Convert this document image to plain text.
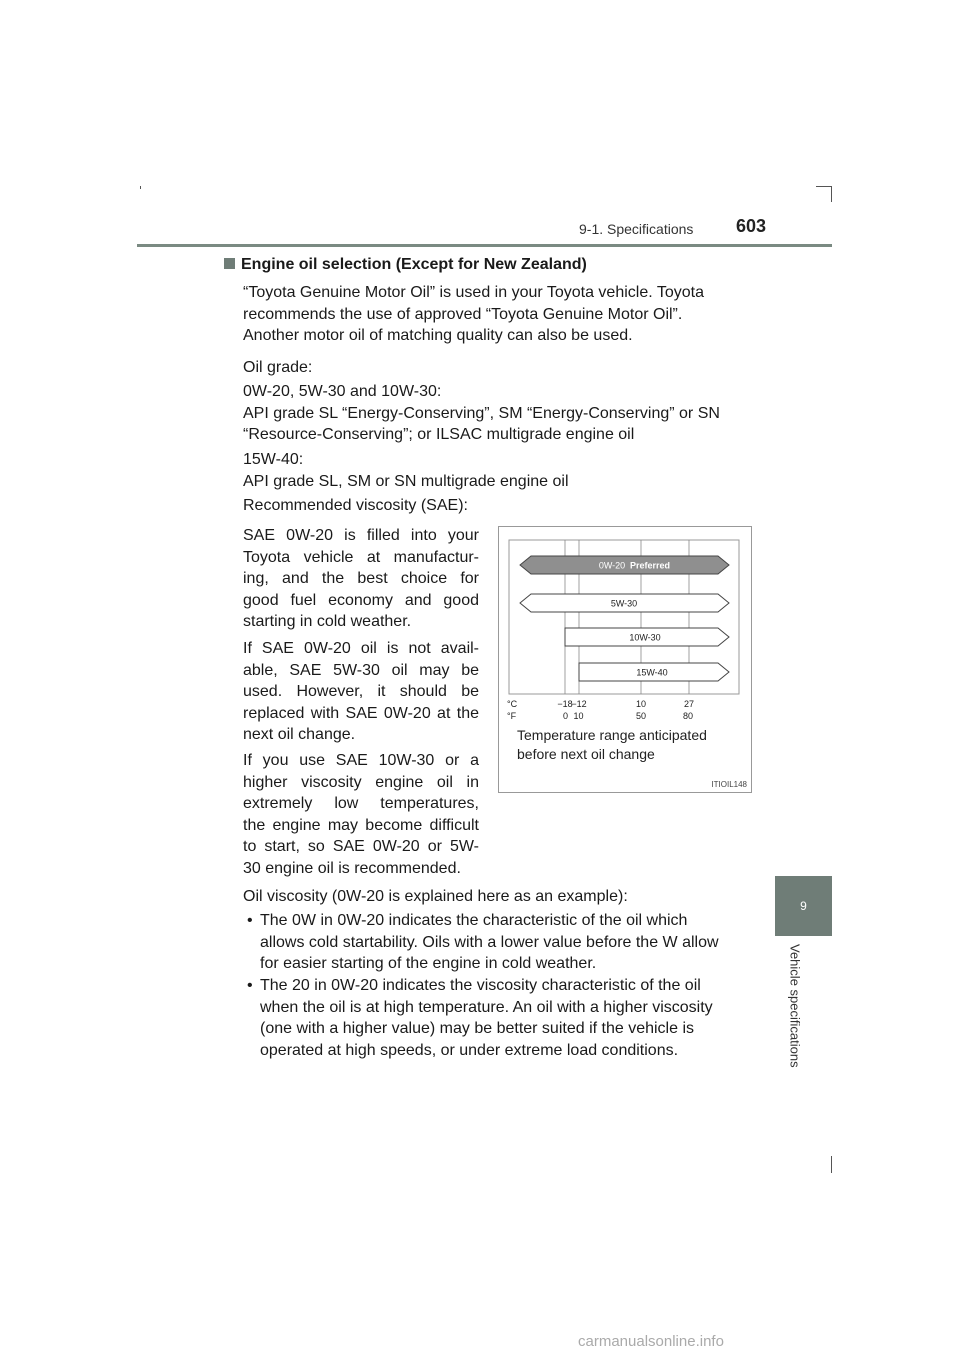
9-1. Specifications 603
9
Vehicle specifications
Engine oil selection (Except for New Zealand)
“Toyota Genuine Motor Oil” is used in your Toyota vehicle. Toyota
recommends the use of approved “Toyota Genuine Motor Oil”.
Another motor oil of matching quality can also be used.
Oil grade:
0W-20, 5W-30 and 10W-30:
API grade SL “Energy-Conserving”, SM “Energy-Conserving” or SN
“Resource-Conserving”; or ILSAC multigrade engine oil
15W-40:
API grade SL, SM or SN multigrade engine oil
Recommended viscosity (SAE):
SAE 0W-20 is filled into your
Toyota vehicle at manufactur-
ing, and the best choice for
good fuel economy and good
starting in cold weather.
If SAE 0W-20 oil is not avail-
able, SAE 5W-30 oil may be
used. However, it should be
replaced with SAE 0W-20 at the
next oil change.
If you use SAE 10W-30 or a
higher viscosity engine oil in
extremely low temperatures,
the engine may become difficult
to start, so SAE 0W-20 or 5W-
30 engine oil is recommended.
0W-20 Preferred
5W-30
10W-30
15W-40
°C
°F
−18
−12	10	27
0 10	50	80
Temperature range anticipated
before next oil change
ITIOIL148
Oil viscosity (0W-20 is explained here as an example):
• The 0W in 0W-20 indicates the characteristic of the oil which
allows cold startability. Oils with a lower value before the W allow
for easier starting of the engine in cold weather.
• The 20 in 0W-20 indicates the viscosity characteristic of the oil
when the oil is at high temperature. An oil with a higher viscosity
(one with a higher value) may be better suited if the vehicle is
operated at high speeds, or under extreme load conditions.
carmanualsonline.info
